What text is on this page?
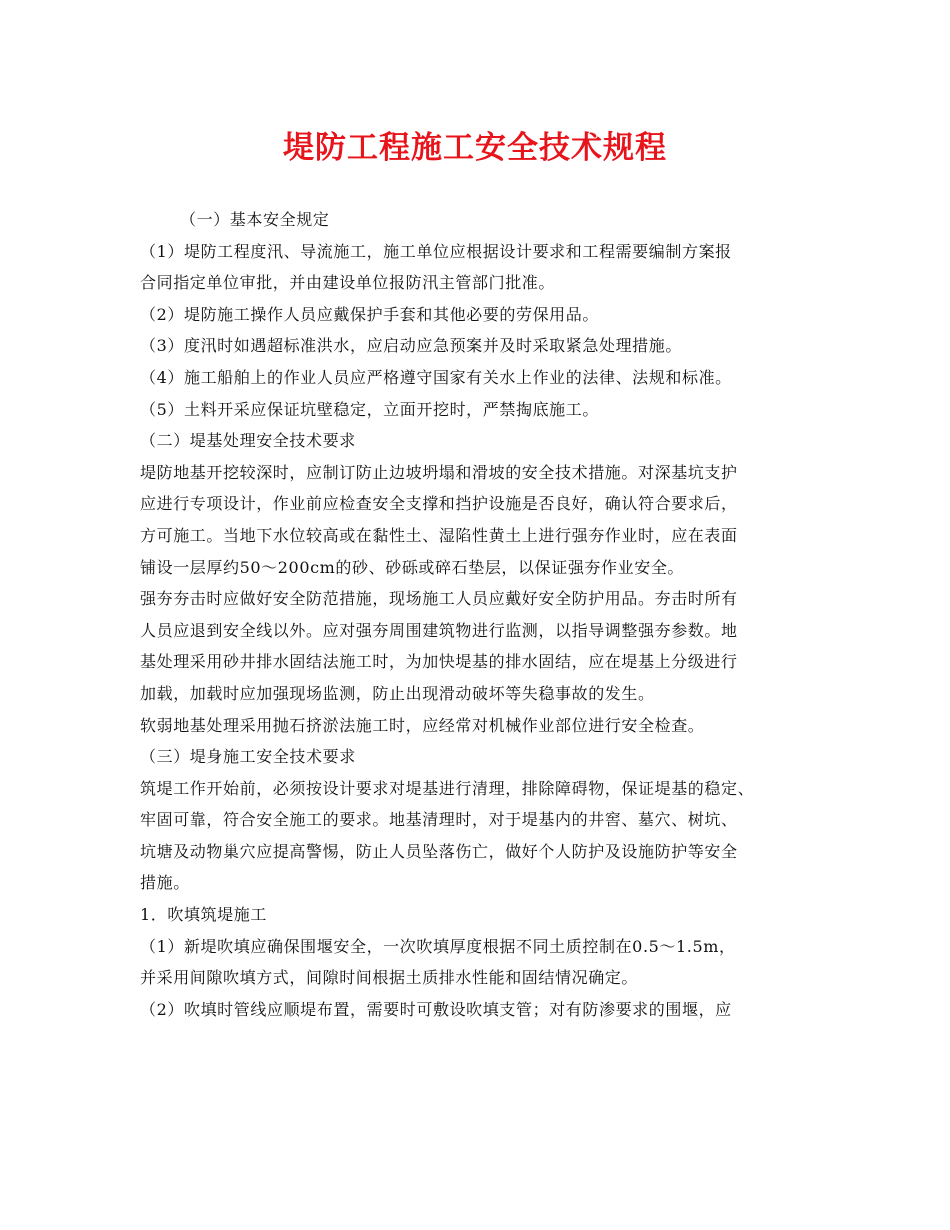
堤防工程施工安全技术规程
（一）基本安全规定
（1）堤防工程度汛、导流施工，施工单位应根据设计要求和工程需要编制方案报
合同指定单位审批，并由建设单位报防汛主管部门批准。
（2）堤防施工操作人员应戴保护手套和其他必要的劳保用品。
（3）度汛时如遇超标准洪水，应启动应急预案并及时采取紧急处理措施。
（4）施工船舶上的作业人员应严格遵守国家有关水上作业的法律、法规和标准。
（5）土料开采应保证坑壁稳定，立面开挖时，严禁掏底施工。
（二）堤基处理安全技术要求
堤防地基开挖较深时，应制订防止边坡坍塌和滑坡的安全技术措施。对深基坑支护
应进行专项设计，作业前应检查安全支撑和挡护设施是否良好，确认符合要求后，
方可施工。当地下水位较高或在黏性土、湿陷性黄土上进行强夯作业时，应在表面
铺设一层厚约50～200cm的砂、砂砾或碎石垫层，以保证强夯作业安全。
强夯夯击时应做好安全防范措施，现场施工人员应戴好安全防护用品。夯击时所有
人员应退到安全线以外。应对强夯周围建筑物进行监测，以指导调整强夯参数。地
基处理采用砂井排水固结法施工时，为加快堤基的排水固结，应在堤基上分级进行
加载，加载时应加强现场监测，防止出现滑动破坏等失稳事故的发生。
软弱地基处理采用抛石挤淤法施工时，应经常对机械作业部位进行安全检查。
（三）堤身施工安全技术要求
筑堤工作开始前，必须按设计要求对堤基进行清理，排除障碍物，保证堤基的稳定、
牢固可靠，符合安全施工的要求。地基清理时，对于堤基内的井窖、墓穴、树坑、
坑塘及动物巢穴应提高警惕，防止人员坠落伤亡，做好个人防护及设施防护等安全
措施。
1．吹填筑堤施工
（1）新堤吹填应确保围堰安全，一次吹填厚度根据不同土质控制在0.5～1.5m，
并采用间隙吹填方式，间隙时间根据土质排水性能和固结情况确定。
（2）吹填时管线应顺堤布置，需要时可敷设吹填支管；对有防渗要求的围堰，应
